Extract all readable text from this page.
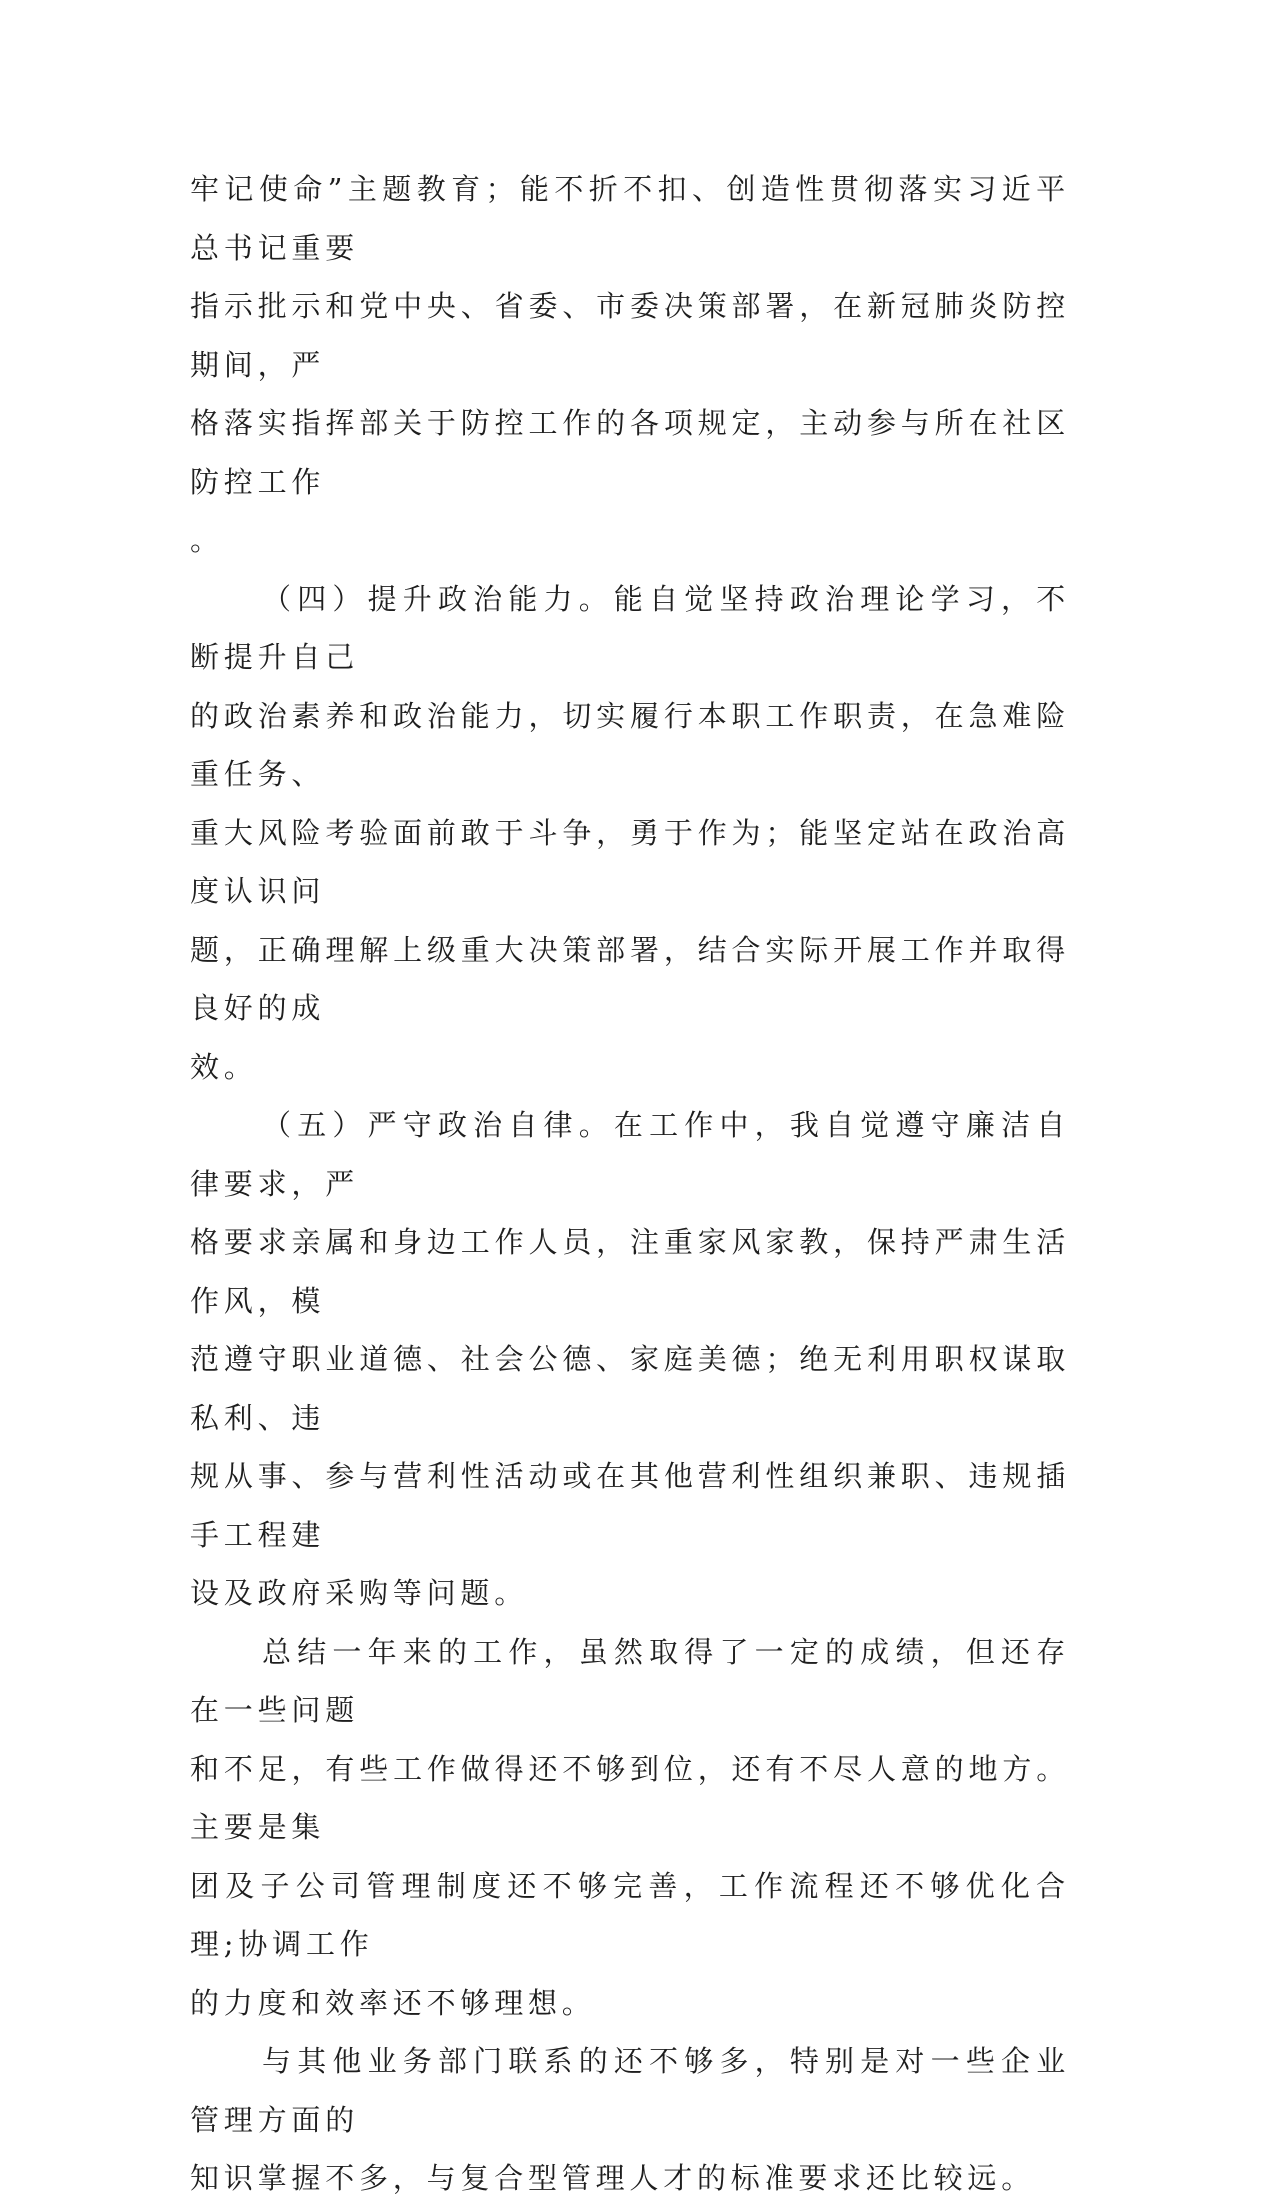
牢记使命”主题教育；能不折不扣、创造性贯彻落实习近平总书记重要
指示批示和党中央、省委、市委决策部署，在新冠肺炎防控期间，严
格落实指挥部关于防控工作的各项规定，主动参与所在社区防控工作
。

（四）提升政治能力。能自觉坚持政治理论学习，不断提升自己
的政治素养和政治能力，切实履行本职工作职责，在急难险重任务、
重大风险考验面前敢于斗争，勇于作为；能坚定站在政治高度认识问
题，正确理解上级重大决策部署，结合实际开展工作并取得良好的成
效。

（五）严守政治自律。在工作中，我自觉遵守廉洁自律要求，严
格要求亲属和身边工作人员，注重家风家教，保持严肃生活作风，模
范遵守职业道德、社会公德、家庭美德；绝无利用职权谋取私利、违
规从事、参与营利性活动或在其他营利性组织兼职、违规插手工程建
设及政府采购等问题。

总结一年来的工作，虽然取得了一定的成绩，但还存在一些问题
和不足，有些工作做得还不够到位，还有不尽人意的地方。主要是集
团及子公司管理制度还不够完善，工作流程还不够优化合理;协调工作
的力度和效率还不够理想。

与其他业务部门联系的还不够多，特别是对一些企业管理方面的
知识掌握不多，与复合型管理人才的标准要求还比较远。
